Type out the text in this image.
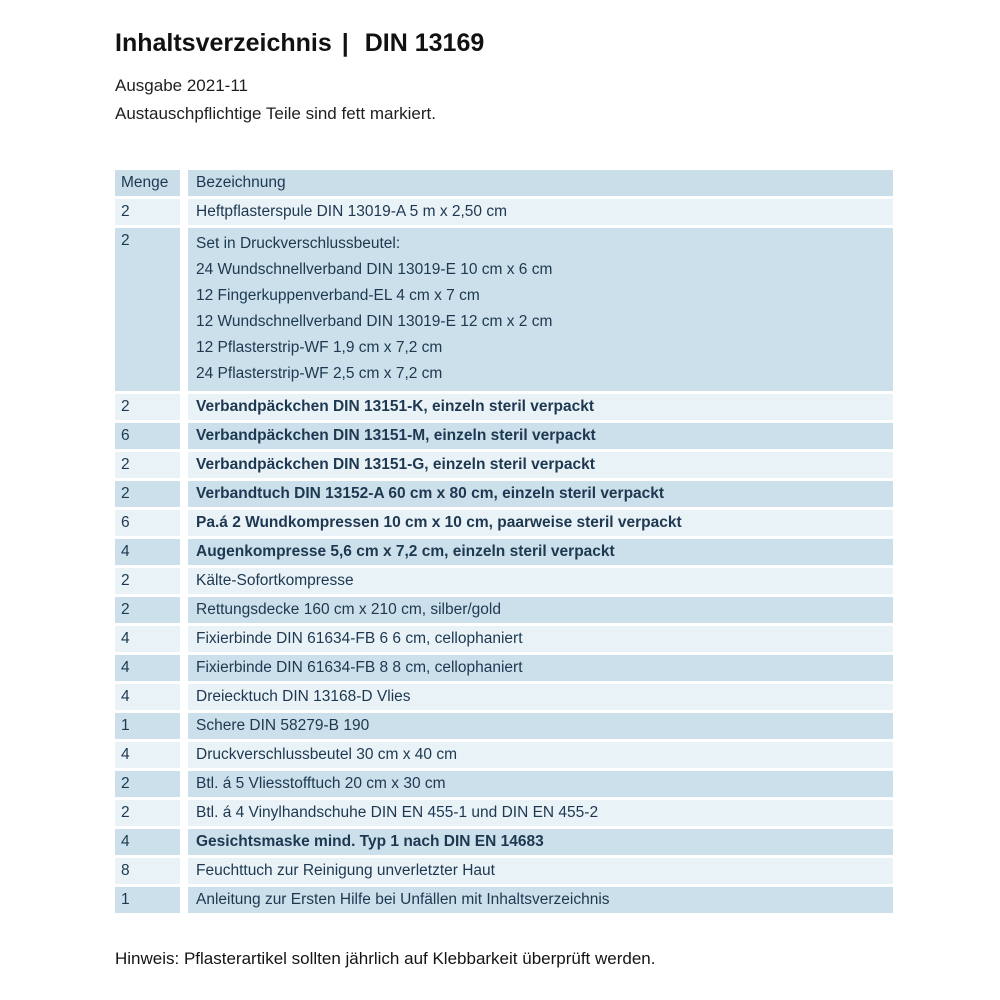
Inhaltsverzeichnis | DIN 13169

Ausgabe 2021-11

Austauschpflichtige Teile sind fett markiert.

Menge	Bezeichnung
2	Heftpflasterspule DIN 13019-A 5 m x 2,50 cm
2	Set in Druckverschlussbeutel:
24 Wundschnellverband DIN 13019-E 10 cm x 6 cm
12 Fingerkuppenverband-EL 4 cm x 7 cm
12 Wundschnellverband DIN 13019-E 12 cm x 2 cm
12 Pflasterstrip-WF 1,9 cm x 7,2 cm
24 Pflasterstrip-WF 2,5 cm x 7,2 cm

2	Verbandpäckchen DIN 13151-K, einzeln steril verpackt
6	Verbandpäckchen DIN 13151-M, einzeln steril verpackt
2	Verbandpäckchen DIN 13151-G, einzeln steril verpackt
2	Verbandtuch DIN 13152-A 60 cm x 80 cm, einzeln steril verpackt
6	Pa.á 2 Wundkompressen 10 cm x 10 cm, paarweise steril verpackt
4	Augenkompresse 5,6 cm x 7,2 cm, einzeln steril verpackt
2	Kälte-Sofortkompresse
2	Rettungsdecke 160 cm x 210 cm, silber/gold
4	Fixierbinde DIN 61634-FB 6 6 cm, cellophaniert
4	Fixierbinde DIN 61634-FB 8 8 cm, cellophaniert
4	Dreiecktuch DIN 13168-D Vlies
1	Schere DIN 58279-B 190
4	Druckverschlussbeutel 30 cm x 40 cm
2	Btl. á 5 Vliesstofftuch 20 cm x 30 cm
2	Btl. á 4 Vinylhandschuhe DIN EN 455-1 und DIN EN 455-2
4	Gesichtsmaske mind. Typ 1 nach DIN EN 14683
8	Feuchttuch zur Reinigung unverletzter Haut
1	Anleitung zur Ersten Hilfe bei Unfällen mit Inhaltsverzeichnis

Hinweis: Pflasterartikel sollten jährlich auf Klebbarkeit überprüft werden.
